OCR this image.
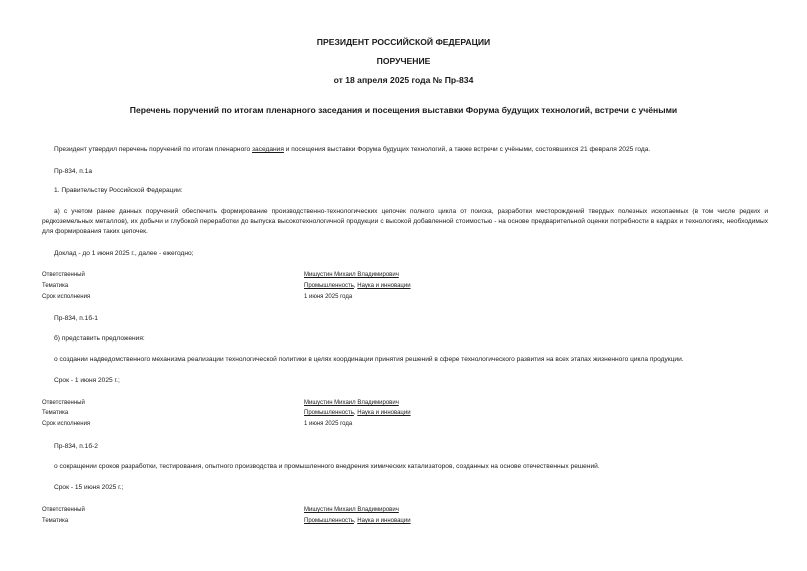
ПРЕЗИДЕНТ РОССИЙСКОЙ ФЕДЕРАЦИИ
ПОРУЧЕНИЕ
от 18 апреля 2025 года № Пр-834
Перечень поручений по итогам пленарного заседания и посещения выставки Форума будущих технологий, встречи с учёными
Президент утвердил перечень поручений по итогам пленарного заседания и посещения выставки Форума будущих технологий, а также встречи с учёными, состоявшихся 21 февраля 2025 года.
Пр-834, п.1а
1. Правительству Российской Федерации:
а) с учетом ранее данных поручений обеспечить формирование производственно-технологических цепочек полного цикла от поиска, разработки месторождений твердых полезных ископаемых (в том числе редких и редкоземельных металлов), их добычи и глубокой переработки до выпуска высокотехнологичной продукции с высокой добавленной стоимостью - на основе предварительной оценки потребности в кадрах и технологиях, необходимых для формирования таких цепочек.
Доклад - до 1 июня 2025 г., далее - ежегодно;
Ответственный	Мишустин Михаил Владимирович
Тематика	Промышленность, Наука и инновации
Срок исполнения	1 июня 2025 года
Пр-834, п.1б-1
б) представить предложения:
о создании надведомственного механизма реализации технологической политики в целях координации принятия решений в сфере технологического развития на всех этапах жизненного цикла продукции.
Срок - 1 июня 2025 г.;
Ответственный	Мишустин Михаил Владимирович
Тематика	Промышленность, Наука и инновации
Срок исполнения	1 июня 2025 года
Пр-834, п.1б-2
о сокращении сроков разработки, тестирования, опытного производства и промышленного внедрения химических катализаторов, созданных на основе отечественных решений.
Срок - 15 июня 2025 г.;
Ответственный	Мишустин Михаил Владимирович
Тематика	Промышленность, Наука и инновации
